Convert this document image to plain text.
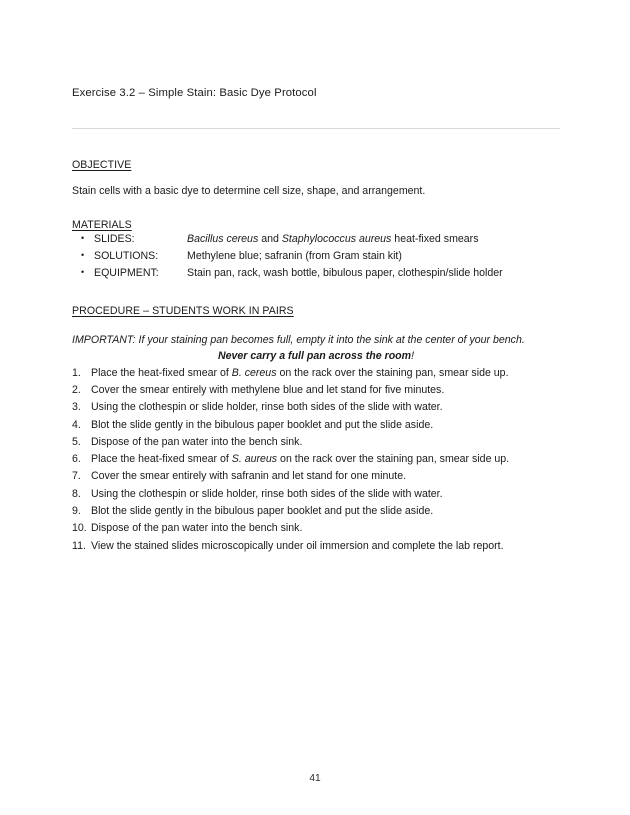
Exercise 3.2 – Simple Stain: Basic Dye Protocol
OBJECTIVE

Stain cells with a basic dye to determine cell size, shape, and arrangement.

MATERIALS
• SLIDES:	Bacillus cereus and Staphylococcus aureus heat-fixed smears
• SOLUTIONS:	Methylene blue; safranin (from Gram stain kit)
• EQUIPMENT:	Stain pan, rack, wash bottle, bibulous paper, clothespin/slide holder
PROCEDURE – STUDENTS WORK IN PAIRS
IMPORTANT: If your staining pan becomes full, empty it into the sink at the center of your bench.
Never carry a full pan across the room!
1. Place the heat-fixed smear of B. cereus on the rack over the staining pan, smear side up.
2. Cover the smear entirely with methylene blue and let stand for five minutes.
3. Using the clothespin or slide holder, rinse both sides of the slide with water.
4. Blot the slide gently in the bibulous paper booklet and put the slide aside.
5. Dispose of the pan water into the bench sink.
6. Place the heat-fixed smear of S. aureus on the rack over the staining pan, smear side up.
7. Cover the smear entirely with safranin and let stand for one minute.
8. Using the clothespin or slide holder, rinse both sides of the slide with water.
9. Blot the slide gently in the bibulous paper booklet and put the slide aside.
10. Dispose of the pan water into the bench sink.
11. View the stained slides microscopically under oil immersion and complete the lab report.
41
